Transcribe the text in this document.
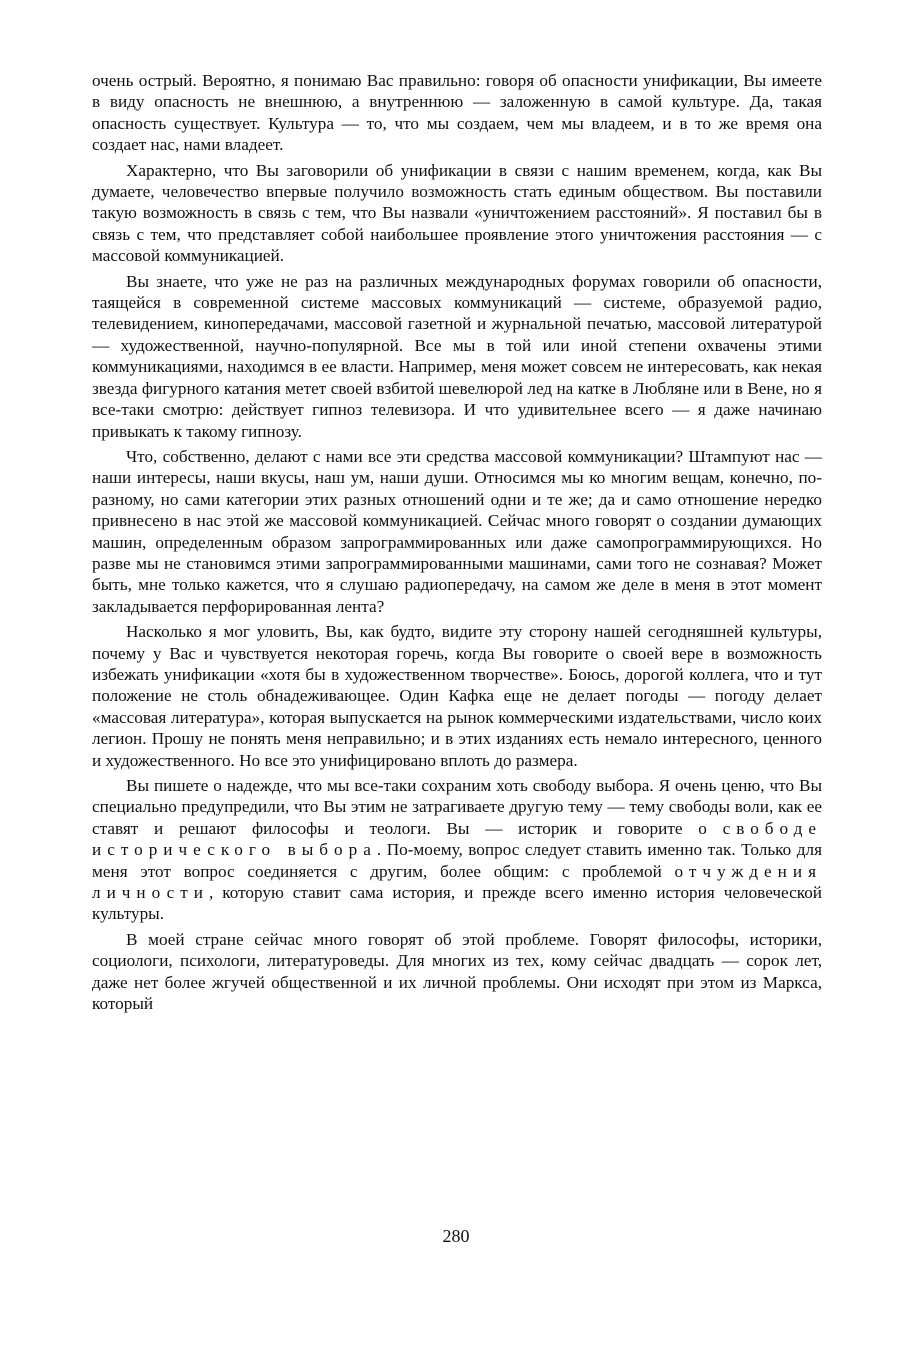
очень острый. Вероятно, я понимаю Вас правильно: говоря об опасности унификации, Вы имеете в виду опасность не внешнюю, а внутреннюю — заложенную в самой культуре. Да, такая опасность существует. Культура — то, что мы создаем, чем мы владеем, и в то же время она создает нас, нами владеет.

Характерно, что Вы заговорили об унификации в связи с нашим временем, когда, как Вы думаете, человечество впервые получило возможность стать единым обществом. Вы поставили такую возможность в связь с тем, что Вы назвали «уничтожением расстояний». Я поставил бы в связь с тем, что представляет собой наибольшее проявление этого уничтожения расстояния — с массовой коммуникацией.

Вы знаете, что уже не раз на различных международных форумах говорили об опасности, таящейся в современной системе массовых коммуникаций — системе, образуемой радио, телевидением, кинопередачами, массовой газетной и журнальной печатью, массовой литературой — художественной, научно-популярной. Все мы в той или иной степени охвачены этими коммуникациями, находимся в ее власти. Например, меня может совсем не интересовать, как некая звезда фигурного катания метет своей взбитой шевелюрой лед на катке в Любляне или в Вене, но я все-таки смотрю: действует гипноз телевизора. И что удивительнее всего — я даже начинаю привыкать к такому гипнозу.

Что, собственно, делают с нами все эти средства массовой коммуникации? Штампуют нас — наши интересы, наши вкусы, наш ум, наши души. Относимся мы ко многим вещам, конечно, по-разному, но сами категории этих разных отношений одни и те же; да и само отношение нередко привнесено в нас этой же массовой коммуникацией. Сейчас много говорят о создании думающих машин, определенным образом запрограммированных или даже самопрограммирующихся. Но разве мы не становимся этими запрограммированными машинами, сами того не сознавая? Может быть, мне только кажется, что я слушаю радиопередачу, на самом же деле в меня в этот момент закладывается перфорированная лента?

Насколько я мог уловить, Вы, как будто, видите эту сторону нашей сегодняшней культуры, почему у Вас и чувствуется некоторая горечь, когда Вы говорите о своей вере в возможность избежать унификации «хотя бы в художественном творчестве». Боюсь, дорогой коллега, что и тут положение не столь обнадеживающее. Один Кафка еще не делает погоды — погоду делает «массовая литература», которая выпускается на рынок коммерческими издательствами, число коих легион. Прошу не понять меня неправильно; и в этих изданиях есть немало интересного, ценного и художественного. Но все это унифицировано вплоть до размера.

Вы пишете о надежде, что мы все-таки сохраним хоть свободу выбора. Я очень ценю, что Вы специально предупредили, что Вы этим не затрагиваете другую тему — тему свободы воли, как ее ставят и решают философы и теологи. Вы — историк и говорите о свободе исторического выбора. По-моему, вопрос следует ставить именно так. Только для меня этот вопрос соединяется с другим, более общим: с проблемой отчуждения личности, которую ставит сама история, и прежде всего именно история человеческой культуры.

В моей стране сейчас много говорят об этой проблеме. Говорят философы, историки, социологи, психологи, литературоведы. Для многих из тех, кому сейчас двадцать — сорок лет, даже нет более жгучей общественной и их личной проблемы. Они исходят при этом из Маркса, который

280
